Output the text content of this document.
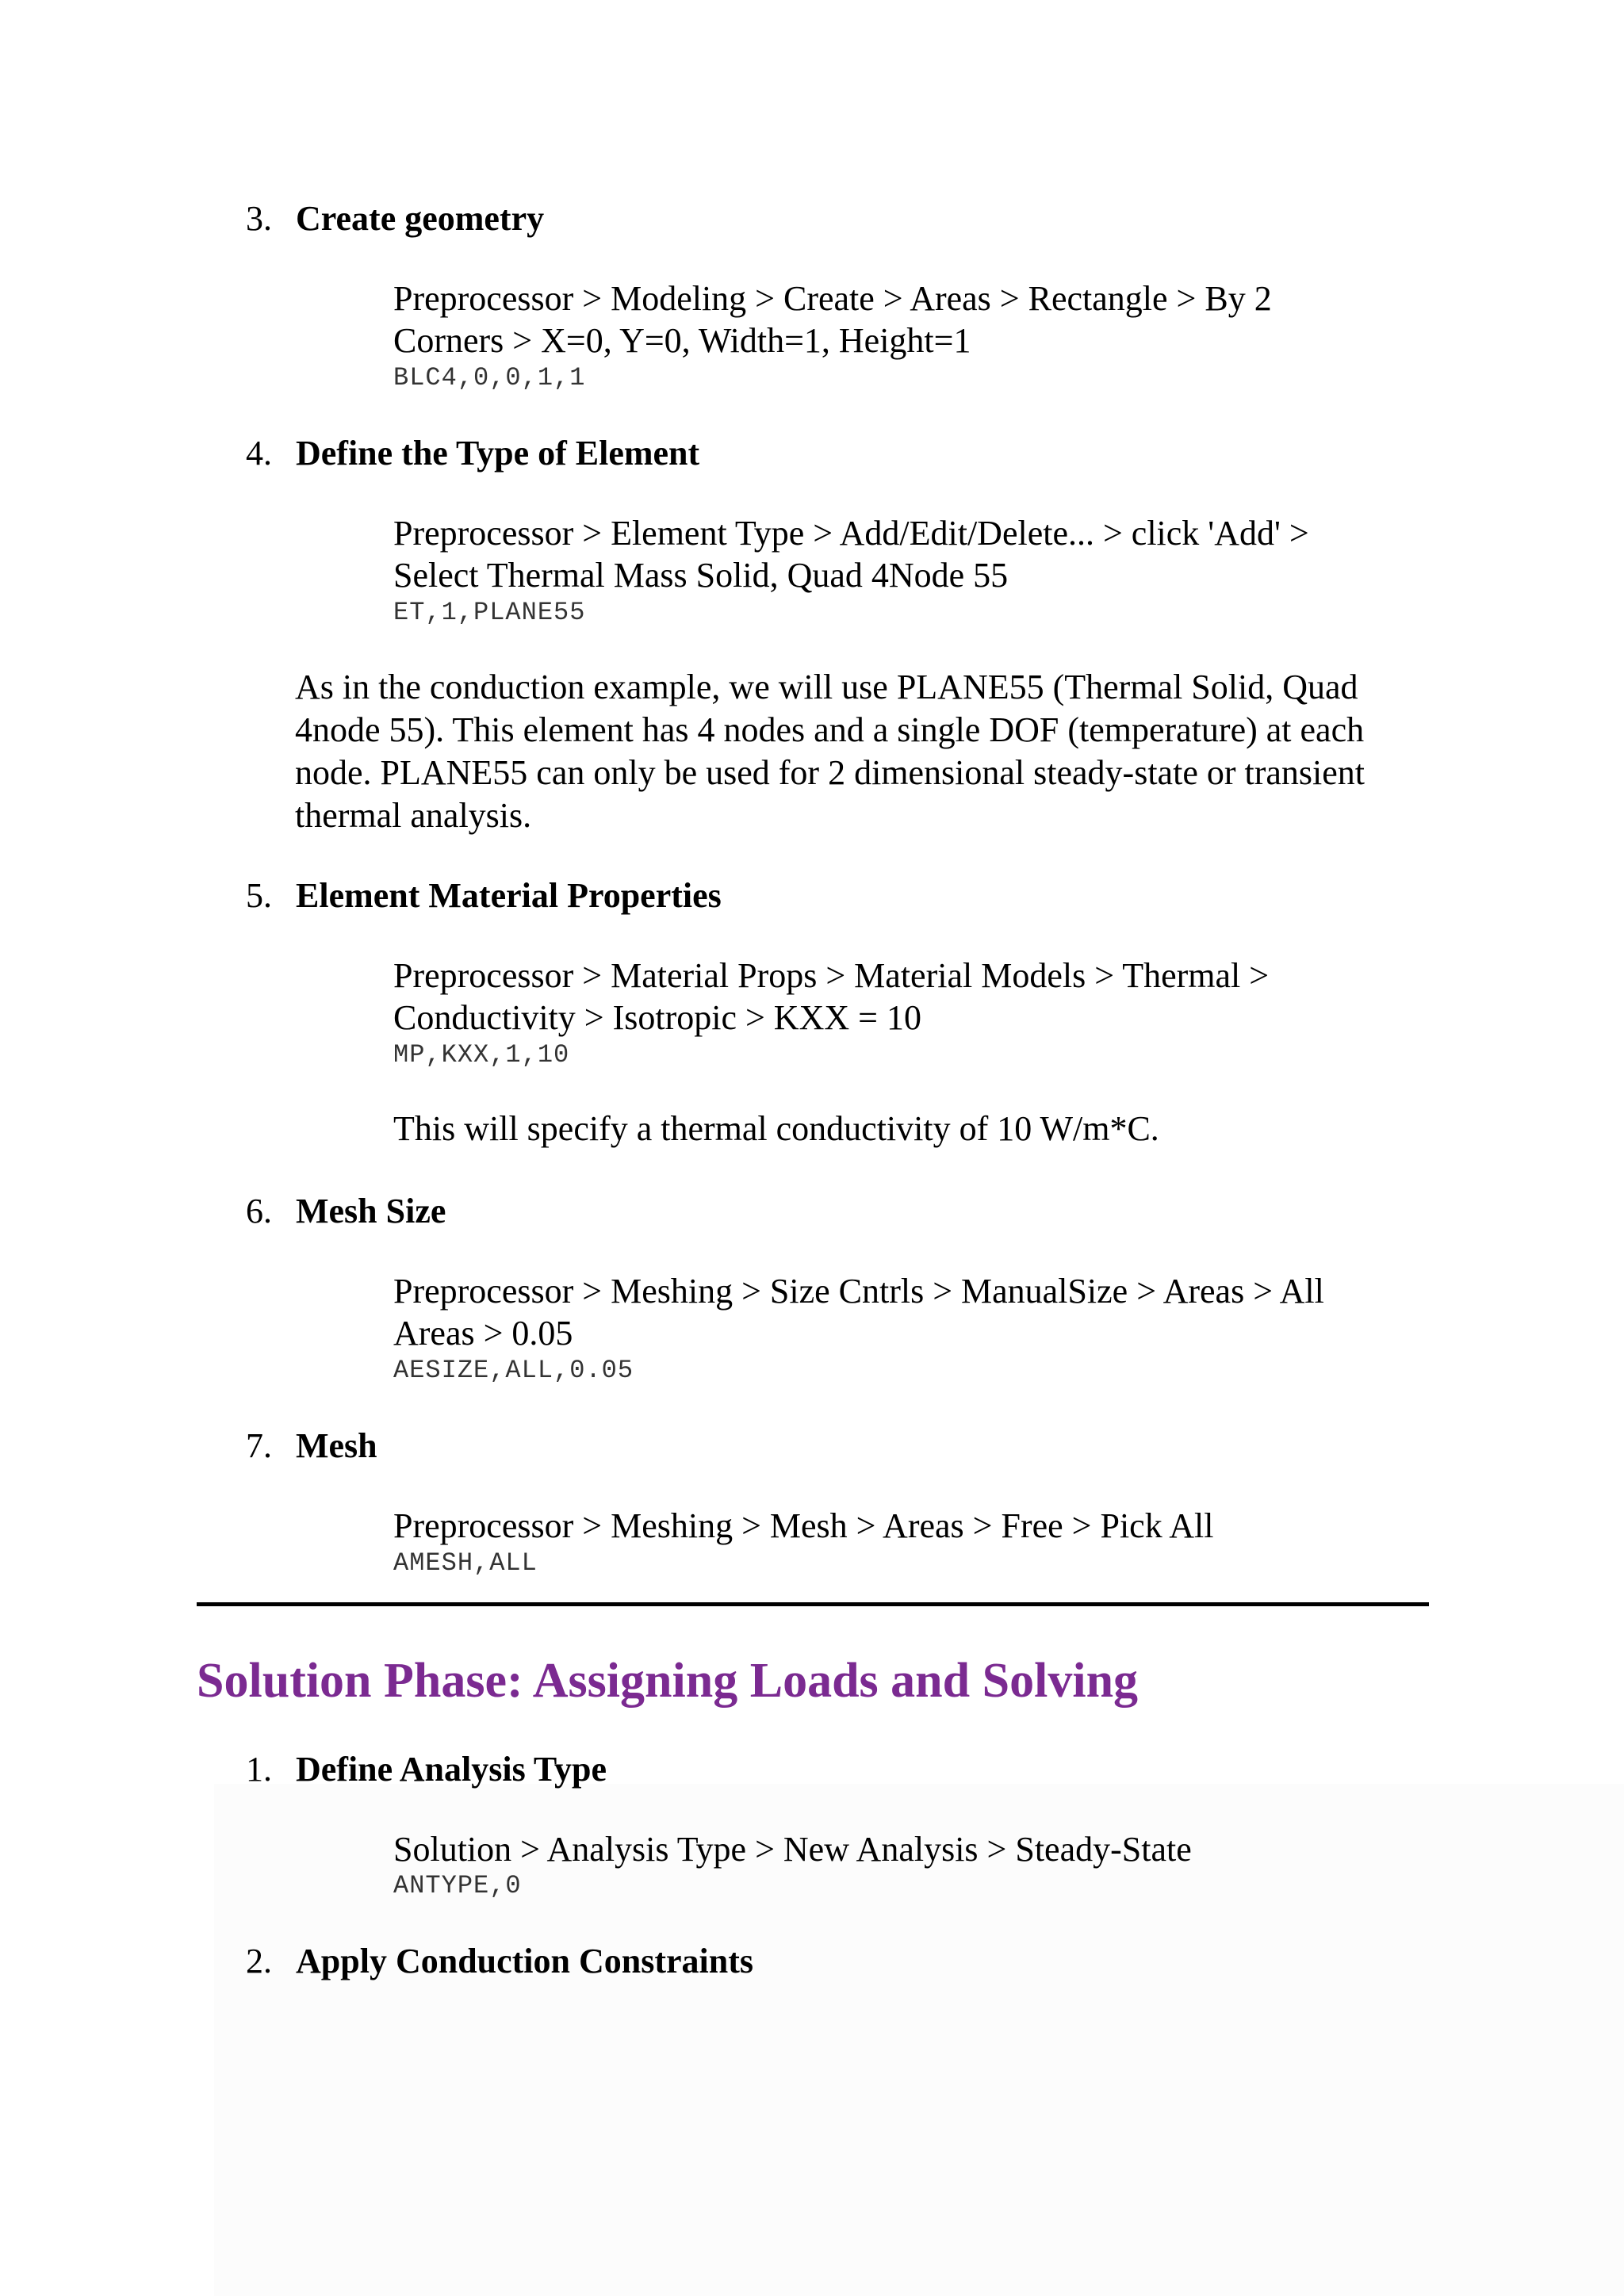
3. Create geometry
Preprocessor > Modeling > Create > Areas > Rectangle > By 2
Corners > X=0, Y=0, Width=1, Height=1
BLC4,0,0,1,1
4. Define the Type of Element
Preprocessor > Element Type > Add/Edit/Delete... > click 'Add' >
Select Thermal Mass Solid, Quad 4Node 55
ET,1,PLANE55
As in the conduction example, we will use PLANE55 (Thermal Solid, Quad
4node 55). This element has 4 nodes and a single DOF (temperature) at each
node. PLANE55 can only be used for 2 dimensional steady-state or transient
thermal analysis.
5. Element Material Properties
Preprocessor > Material Props > Material Models > Thermal >
Conductivity > Isotropic > KXX = 10
MP,KXX,1,10
This will specify a thermal conductivity of 10 W/m*C.
6. Mesh Size
Preprocessor > Meshing > Size Cntrls > ManualSize > Areas > All
Areas > 0.05
AESIZE,ALL,0.05
7. Mesh
Preprocessor > Meshing > Mesh > Areas > Free > Pick All
AMESH,ALL
Solution Phase: Assigning Loads and Solving
1. Define Analysis Type
Solution > Analysis Type > New Analysis > Steady-State
ANTYPE,0
2. Apply Conduction Constraints
